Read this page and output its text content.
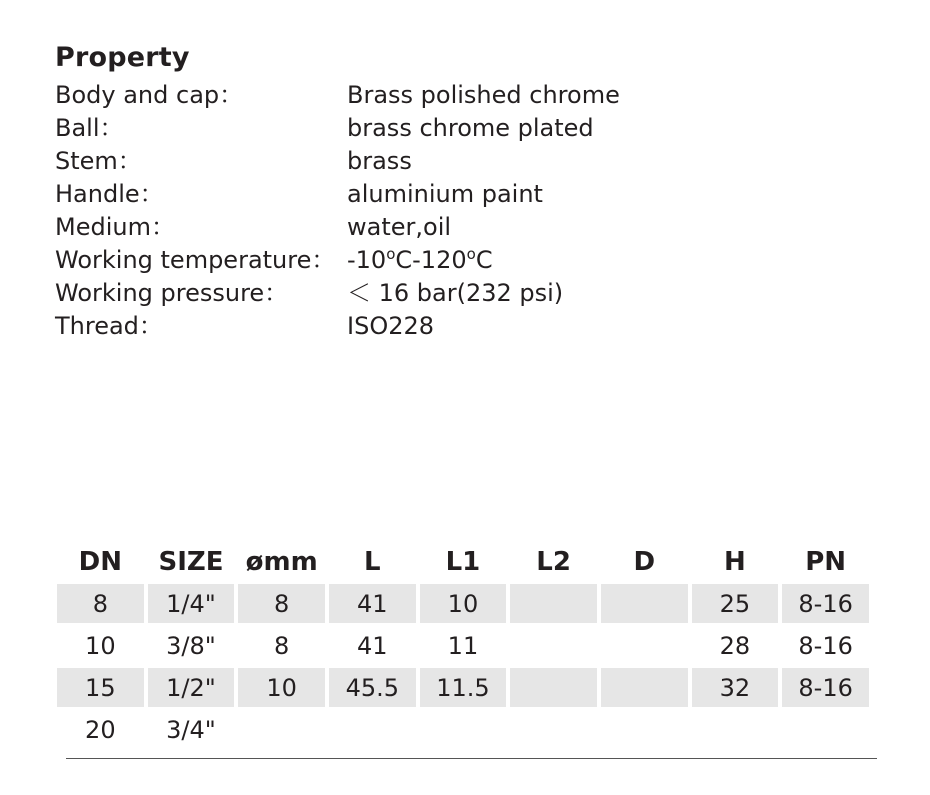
Property
Body and cap：	Brass polished chrome
Ball：	brass chrome plated
Stem：	brass
Handle：	aluminium paint
Medium：	water,oil
Working temperature： -10$^o$C-120$^o$C
Working pressure：	＜ 16 bar(232 psi)
Thread：	ISO228
DN	SIZE	ømm	L	L1	L2	D	H	PN
8	1/4"	8	41	10			25	8-16
10	3/8"	8	41	11			28	8-16
15	1/2"	10	45.5	11.5			32	8-16
20	3/4"							
